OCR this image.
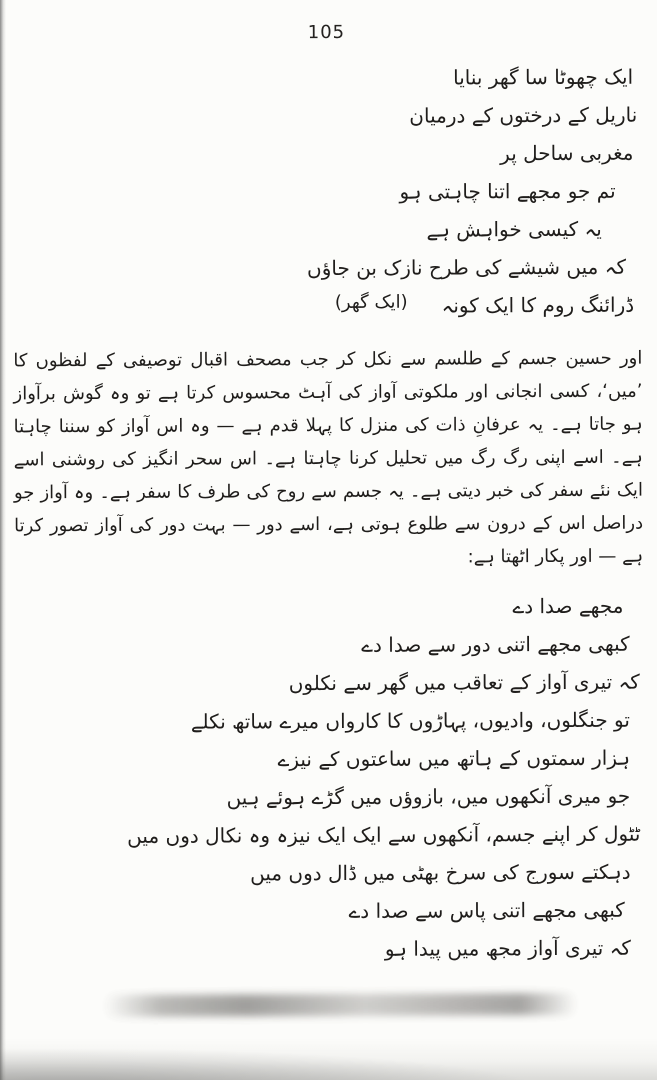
105
ایک چھوٹا سا گھر بنایا
ناریل کے درختوں کے درمیان
مغربی ساحل پر
تم جو مجھے اتنا چاہتی ہو
یہ کیسی خواہش ہے
کہ میں شیشے کی طرح نازک بن جاؤں
ڈرائنگ روم کا ایک کونہ
(ایک گھر)

اور حسین جسم کے طلسم سے نکل کر جب مصحف اقبال توصیفی کے لفظوں کا ’میں‘، کسی انجانی اور ملکوتی آواز کی آہٹ محسوس کرتا ہے تو وہ گوش برآواز ہو جاتا ہے۔ یہ عرفانِ ذات کی منزل کا پہلا قدم ہے — وہ اس آواز کو سننا چاہتا ہے۔ اسے اپنی رگ رگ میں تحلیل کرنا چاہتا ہے۔ اس سحر انگیز کی روشنی اسے ایک نئے سفر کی خبر دیتی ہے۔ یہ جسم سے روح کی طرف کا سفر ہے۔ وہ آواز جو دراصل اس کے درون سے طلوع ہوتی ہے، اسے دور — بہت دور کی آواز تصور کرتا ہے — اور پکار اٹھتا ہے:

مجھے صدا دے
کبھی مجھے اتنی دور سے صدا دے
کہ تیری آواز کے تعاقب میں گھر سے نکلوں
تو جنگلوں، وادیوں، پہاڑوں کا کارواں میرے ساتھ نکلے
ہزار سمتوں کے ہاتھ میں ساعتوں کے نیزے
جو میری آنکھوں میں، بازوؤں میں گڑے ہوئے ہیں
ٹٹول کر اپنے جسم، آنکھوں سے ایک ایک نیزہ وہ نکال دوں میں
دہکتے سورج کی سرخ بھٹی میں ڈال دوں میں
کبھی مجھے اتنی پاس سے صدا دے
کہ تیری آواز مجھ میں پیدا ہو
